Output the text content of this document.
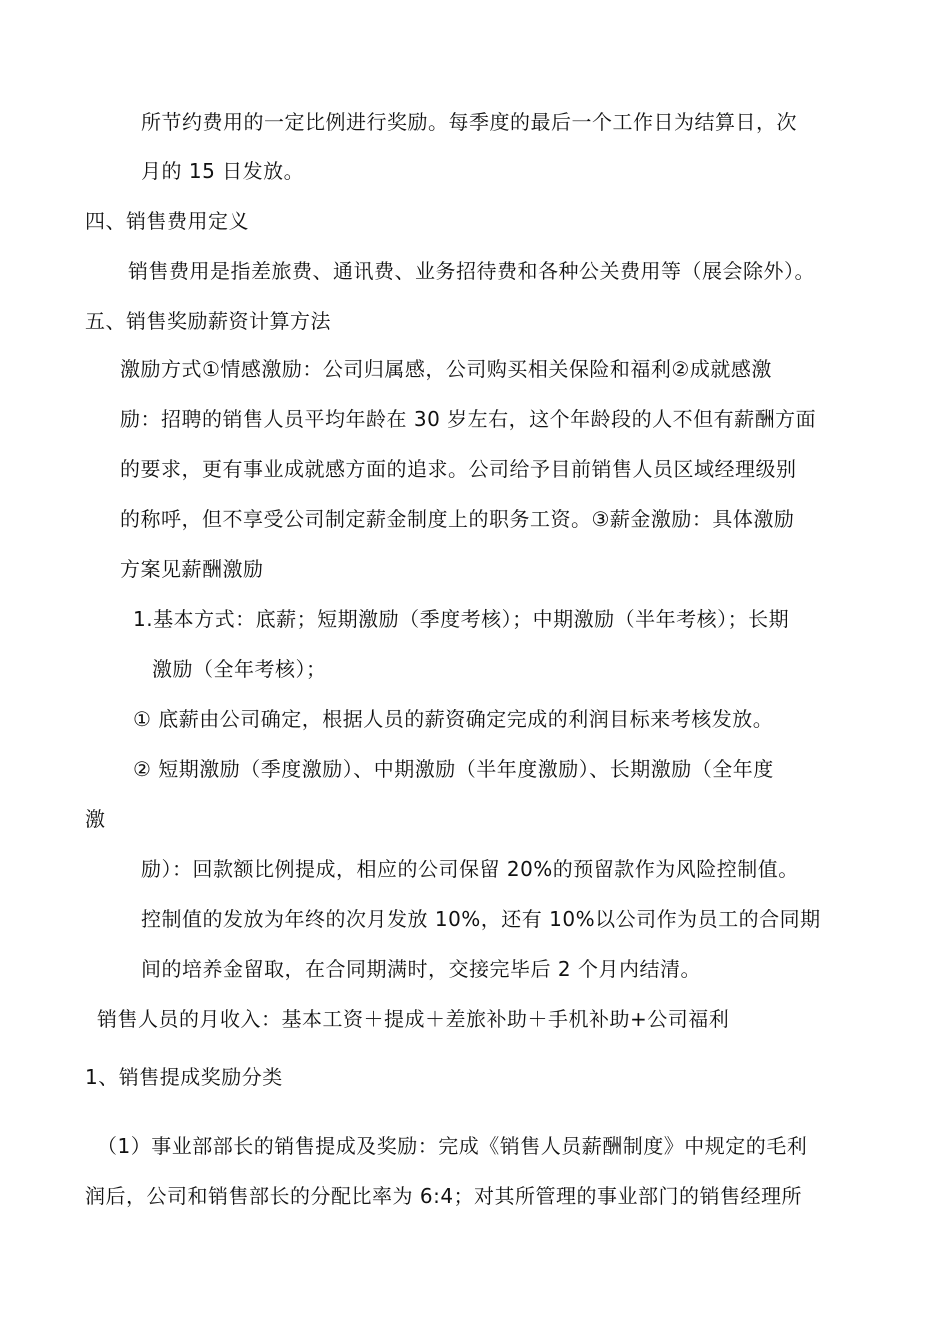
所节约费用的一定比例进行奖励。每季度的最后一个工作日为结算日，次
月的 15 日发放。
四、销售费用定义
销售费用是指差旅费、通讯费、业务招待费和各种公关费用等（展会除外）。
五、销售奖励薪资计算方法
激励方式①情感激励：公司归属感，公司购买相关保险和福利②成就感激
励：招聘的销售人员平均年龄在 30 岁左右，这个年龄段的人不但有薪酬方面
的要求，更有事业成就感方面的追求。公司给予目前销售人员区域经理级别
的称呼，但不享受公司制定薪金制度上的职务工资。③薪金激励：具体激励
方案见薪酬激励
1.基本方式：底薪；短期激励（季度考核）；中期激励（半年考核）；长期
激励（全年考核）；
① 底薪由公司确定，根据人员的薪资确定完成的利润目标来考核发放。
② 短期激励（季度激励）、中期激励（半年度激励）、长期激励（全年度
激
励）：回款额比例提成，相应的公司保留 20%的预留款作为风险控制值。
控制值的发放为年终的次月发放 10%，还有 10%以公司作为员工的合同期
间的培养金留取，在合同期满时，交接完毕后 2 个月内结清。
销售人员的月收入：基本工资＋提成＋差旅补助＋手机补助+公司福利
1、销售提成奖励分类
（1）事业部部长的销售提成及奖励：完成《销售人员薪酬制度》中规定的毛利
润后，公司和销售部长的分配比率为 6:4；对其所管理的事业部门的销售经理所
